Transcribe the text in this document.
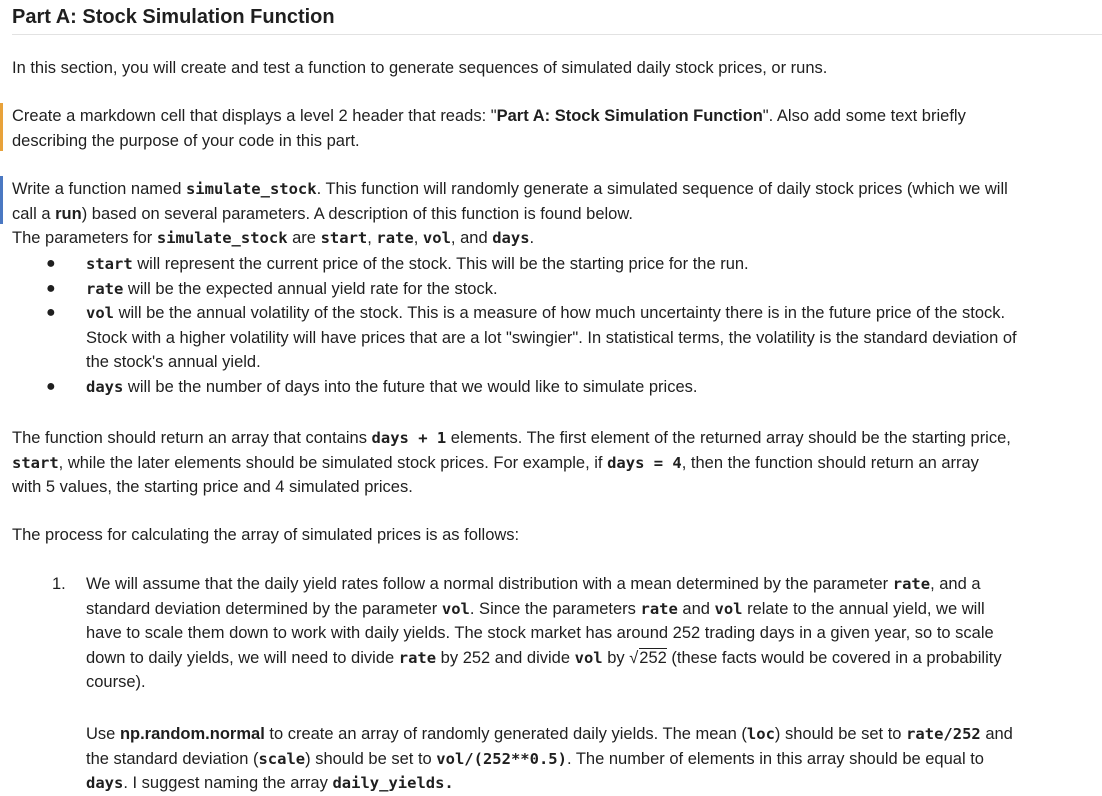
Part A: Stock Simulation Function
In this section, you will create and test a function to generate sequences of simulated daily stock prices, or runs.
Create a markdown cell that displays a level 2 header that reads: "Part A: Stock Simulation Function". Also add some text briefly describing the purpose of your code in this part.
Write a function named simulate_stock. This function will randomly generate a simulated sequence of daily stock prices (which we will call a run) based on several parameters. A description of this function is found below.
The parameters for simulate_stock are start, rate, vol, and days.
● start will represent the current price of the stock. This will be the starting price for the run.
● rate will be the expected annual yield rate for the stock.
● vol will be the annual volatility of the stock. This is a measure of how much uncertainty there is in the future price of the stock. Stock with a higher volatility will have prices that are a lot "swingier". In statistical terms, the volatility is the standard deviation of the stock's annual yield.
● days will be the number of days into the future that we would like to simulate prices.
The function should return an array that contains days + 1 elements. The first element of the returned array should be the starting price, start, while the later elements should be simulated stock prices. For example, if days = 4, then the function should return an array with 5 values, the starting price and 4 simulated prices.
The process for calculating the array of simulated prices is as follows:
1.	We will assume that the daily yield rates follow a normal distribution with a mean determined by the parameter rate, and a standard deviation determined by the parameter vol. Since the parameters rate and vol relate to the annual yield, we will have to scale them down to work with daily yields. The stock market has around 252 trading days in a given year, so to scale down to daily yields, we will need to divide rate by 252 and divide vol by √252 (these facts would be covered in a probability course).
Use np.random.normal to create an array of randomly generated daily yields. The mean (loc) should be set to rate/252 and the standard deviation (scale) should be set to vol/(252**0.5). The number of elements in this array should be equal to days. I suggest naming the array daily_yields.
